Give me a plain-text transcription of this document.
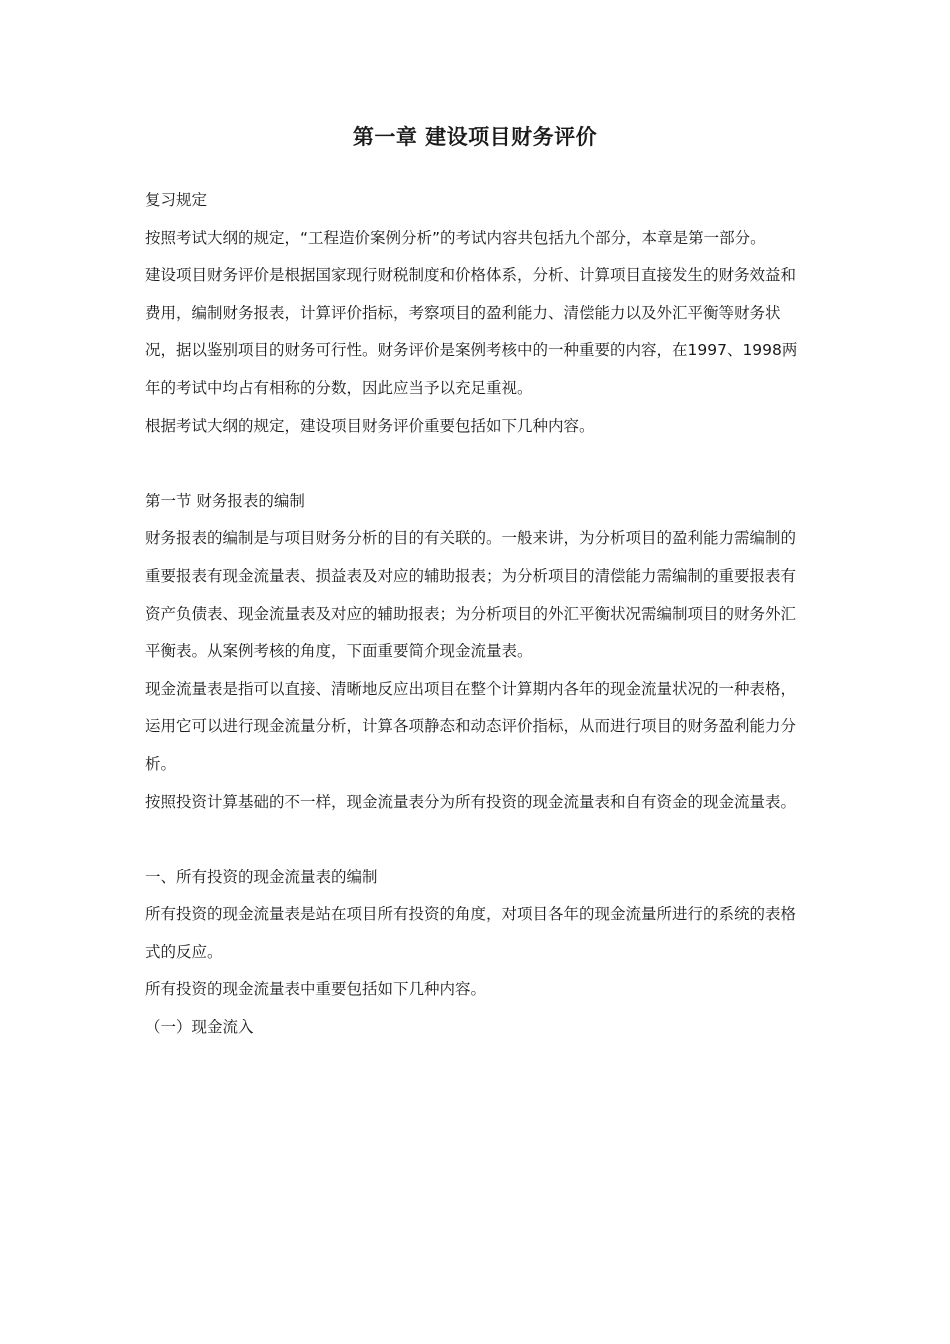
第一章 建设项目财务评价

复习规定

按照考试大纲的规定，“工程造价案例分析”的考试内容共包括九个部分，本章是第一部分。

建设项目财务评价是根据国家现行财税制度和价格体系，分析、计算项目直接发生的财务效益和费用，编制财务报表，计算评价指标，考察项目的盈利能力、清偿能力以及外汇平衡等财务状况，据以鉴别项目的财务可行性。财务评价是案例考核中的一种重要的内容，在1997、1998两年的考试中均占有相称的分数，因此应当予以充足重视。

根据考试大纲的规定，建设项目财务评价重要包括如下几种内容。

第一节 财务报表的编制

财务报表的编制是与项目财务分析的目的有关联的。一般来讲，为分析项目的盈利能力需编制的重要报表有现金流量表、损益表及对应的辅助报表；为分析项目的清偿能力需编制的重要报表有资产负债表、现金流量表及对应的辅助报表；为分析项目的外汇平衡状况需编制项目的财务外汇平衡表。从案例考核的角度，下面重要简介现金流量表。

现金流量表是指可以直接、清晰地反应出项目在整个计算期内各年的现金流量状况的一种表格，运用它可以进行现金流量分析，计算各项静态和动态评价指标，从而进行项目的财务盈利能力分析。

按照投资计算基础的不一样，现金流量表分为所有投资的现金流量表和自有资金的现金流量表。

一、所有投资的现金流量表的编制

所有投资的现金流量表是站在项目所有投资的角度，对项目各年的现金流量所进行的系统的表格式的反应。

所有投资的现金流量表中重要包括如下几种内容。

（一）现金流入
